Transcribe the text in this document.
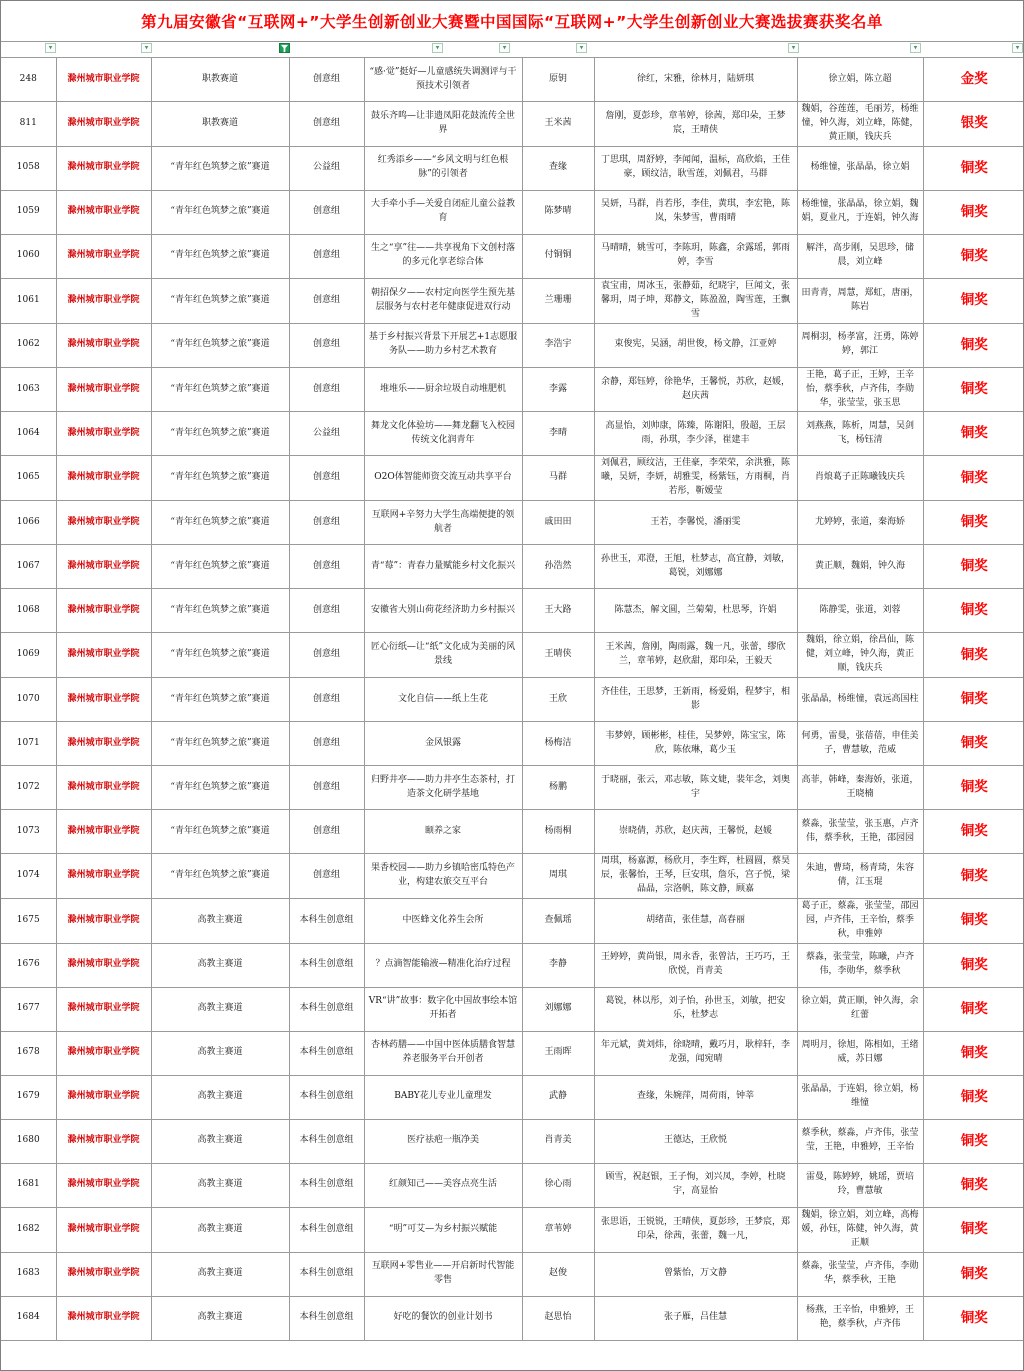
第九届安徽省“互联网+”大学生创新创业大赛暨中国国际“互联网+”大学生创新创业大赛选拔赛获奖名单
▾	▾	▾	▾	▾	▾	▾	▾
248	滁州城市职业学院	职教赛道	创意组	“感·觉”挺好—儿童感统失调测评与干预技术引领者	原钥	徐红，宋雅，徐林月，陆妍琪	徐立娟，陈立超	金奖
811	滁州城市职业学院	职教赛道	创意组	鼓乐齐鸣—让非遗凤阳花鼓流传全世界	王米茜	詹刚，夏彭珍，章苇婷，徐茜，郑印朵，王梦宸，王晴侠	魏娟，谷莲莲，毛丽芳，杨维憧，钟久海，刘立峰，陈健，黄正顺，钱庆兵	银奖
1058	滁州城市职业学院	“青年红色筑梦之旅”赛道	公益组	红秀添乡——“乡风文明与红色根脉”的引领者	查缘	丁思琪，周舒婷，李闻闻，温标，高欣焰，王佳豪，顾纹洁，耿雪莲，刘佩君，马群	杨维憧，张晶晶，徐立娟	铜奖
1059	滁州城市职业学院	“青年红色筑梦之旅”赛道	创意组	大手牵小手—关爱自闭症儿童公益教育	陈梦晴	吴妍，马群，肖若彤，李佳，黄琪，李宏艳，陈岚，朱梦雪，曹雨晴	杨维憧，张晶晶，徐立娟，魏娟，夏业凡，于连娟，钟久海	铜奖
1060	滁州城市职业学院	“青年红色筑梦之旅”赛道	创意组	生之“享”往——共享视角下文创村落的多元化享老综合体	付铜铜	马晴晴，姚雪可，李陈玥，陈鑫，余露瑶，郭雨婷，李雪	解泮，高步刚，吴思珍，储晨，刘立峰	铜奖
1061	滁州城市职业学院	“青年红色筑梦之旅”赛道	创意组	朝招保夕——农村定向医学生预先基层服务与农村老年健康促进双行动	兰珊珊	袁宝甫，周冰玉，张静茹，纪晓宇，巨闻文，张馨玥，周子坤，郑静文，陈盈盈，陶雪莲，王飘雪	田青青，周慧，郑虹，唐丽，陈岩	铜奖
1062	滁州城市职业学院	“青年红色筑梦之旅”赛道	创意组	基于乡村振兴背景下开展艺+1志愿服务队——助力乡村艺术教育	李浩宇	束俊宪，吴涵，胡世俊，杨文静，江亚婷	周桐羽，杨孝富，汪勇，陈婷婷，郭江	铜奖
1063	滁州城市职业学院	“青年红色筑梦之旅”赛道	创意组	堆堆乐——厨余垃圾自动堆肥机	李露	余静，郑钰婷，徐艳华，王馨悦，苏欣，赵媛，赵庆茜	王艳，葛子正，王婷，王辛怡，蔡季秋，卢齐伟，李勋华，张莹莹，张玉思	铜奖
1064	滁州城市职业学院	“青年红色筑梦之旅”赛道	公益组	舞龙文化体验坊——舞龙翻飞入校园传统文化润青年	李晴	高显怡，刘帅康，陈臻，陈谢阳，殷超，王层雨，孙琪，李少泽，崔建丰	刘燕燕，陈析，周慧，吴剑飞，杨钰清	铜奖
1065	滁州城市职业学院	“青年红色筑梦之旅”赛道	创意组	O2O体智能师资交流互动共享平台	马群	刘佩君，顾纹洁，王佳豪，李荣荣，余洪雅，陈曦，吴妍，李妍，胡雅雯，杨紫钰，方雨桐，肖若彤，靳嫒莹	肖烺葛子正陈曦钱庆兵	铜奖
1066	滁州城市职业学院	“青年红色筑梦之旅”赛道	创意组	互联网+辛努力大学生高端便捷的领航者	戚田田	王若，李馨悦，潘丽雯	尤婷婷，张道，秦海娇	铜奖
1067	滁州城市职业学院	“青年红色筑梦之旅”赛道	创意组	青“莓”：青春力量赋能乡村文化振兴	孙浩然	孙世玉，邓澄，王旭，杜梦志，高宜静，刘敏，葛锐，刘娜娜	黄正顺，魏娟，钟久海	铜奖
1068	滁州城市职业学院	“青年红色筑梦之旅”赛道	创意组	安徽省大别山荷花经济助力乡村振兴	王大路	陈慧杰，解文圆，兰菊菊，杜思琴，许娟	陈静雯，张道，刘蓉	铜奖
1069	滁州城市职业学院	“青年红色筑梦之旅”赛道	创意组	匠心衍纸—让“纸”文化成为美丽的风景线	王晴侠	王米茜，詹刚，陶雨露，魏一凡，张蕾，缪欣兰，章苇婷，赵欣甜，郑印朵，王毅天	魏娟，徐立娟，徐昌仙，陈健，刘立峰，钟久海，黄正顺，钱庆兵	铜奖
1070	滁州城市职业学院	“青年红色筑梦之旅”赛道	创意组	文化自信——纸上生花	王欣	齐佳佳，王思梦，王新雨，杨爱娟，程梦宇，相影	张晶晶，杨维憧，袁远高国柱	铜奖
1071	滁州城市职业学院	“青年红色筑梦之旅”赛道	创意组	金风银露	杨梅洁	韦梦婷，顾彬彬，桂佳，吴梦婷，陈宝宝，陈欣，陈依琳，葛少玉	何勇，雷曼，张蓓蓓，申佳美子，曹慧敏，范威	铜奖
1072	滁州城市职业学院	“青年红色筑梦之旅”赛道	创意组	归野井亭——助力井亭生态茶村，打造茶文化研学基地	杨鹏	于晓丽，张云，邓志敏，陈文婕，裴年念，刘奥宇	高菲，韩峰，秦海娇，张道，王晓楠	铜奖
1073	滁州城市职业学院	“青年红色筑梦之旅”赛道	创意组	颐养之家	杨雨桐	崇晓倩，苏欣，赵庆茜，王馨悦，赵媛	蔡淼，张莹莹，张玉惠，卢齐伟，蔡季秋，王艳，邵园园	铜奖
1074	滁州城市职业学院	“青年红色筑梦之旅”赛道	创意组	果香校园——助力乡镇哈密瓜特色产业，构建农旅交互平台	周琪	周琪，杨嘉源，杨欣月，李生辉，杜圆圆，蔡昊辰，张馨怡，王琴，巨安琪，詹乐，宫子悦，梁晶晶，宗洛帆，陈文静，顾嘉	朱迪，曹琦，杨青琦，朱容倩，江玉琨	铜奖
1675	滁州城市职业学院	高教主赛道	本科生创意组	中医蜂文化养生会所	查佩瑶	胡绪苗，张佳慧，高春丽	葛子正，蔡淼，张莹莹，邵园园，卢齐伟，王辛怡，蔡季秋，申雅婷	铜奖
1676	滁州城市职业学院	高教主赛道	本科生创意组	？点滴智能输液—精准化治疗过程	李静	王婷婷，黄尚银，周永香，张曾沽，王巧巧，王欣悦，肖青美	蔡淼，张莹莹，陈曦，卢齐伟，李勋华，蔡季秋	铜奖
1677	滁州城市职业学院	高教主赛道	本科生创意组	VR“讲”故事：数字化中国故事绘本馆开拓者	刘娜娜	葛锐，林以彤，刘子怡，孙世玉，刘敏，把安乐，杜梦志	徐立娟，黄正顺，钟久海，余红蕾	铜奖
1678	滁州城市职业学院	高教主赛道	本科生创意组	杏林药膳——中国中医体质膳食智慧养老服务平台开创者	王雨晖	年元斌，黄刘炜，徐晓晴，戴巧月，耿梓轩，李龙强，闻宛晴	周明月，徐旭，陈相如，王绪威，苏日娜	铜奖
1679	滁州城市职业学院	高教主赛道	本科生创意组	BABY花儿专业儿童理发	武静	查缘，朱婉萍，周荷雨，钟莘	张晶晶，于连娟，徐立娟，杨维憧	铜奖
1680	滁州城市职业学院	高教主赛道	本科生创意组	医疗祛疤一瓶净美	肖青美	王德达，王欣悦	蔡季秋，蔡淼，卢齐伟，张莹莹，王艳，申雅婷，王辛怡	铜奖
1681	滁州城市职业学院	高教主赛道	本科生创意组	红颜知己——美容点亮生活	徐心雨	顾雪，祝赵银，王子恂，刘兴凤，李婷，杜晓宇，高显怡	雷曼，陈婷婷，姚瑶，贾培玲，曹慧敏	铜奖
1682	滁州城市职业学院	高教主赛道	本科生创意组	“明”可艾—为乡村振兴赋能	章苇婷	张思语，王锐锐，王晴侠，夏彭珍，王梦宸，郑印朵，徐茜，张蕾，魏一凡，	魏娟，徐立娟，刘立峰，高梅媛，孙钰，陈健，钟久海，黄正顺	铜奖
1683	滁州城市职业学院	高教主赛道	本科生创意组	互联网+零售业——开启新时代智能零售	赵俊	曾紫怡，万文静	蔡淼，张莹莹，卢齐伟，李勋华，蔡季秋，王艳	铜奖
1684	滁州城市职业学院	高教主赛道	本科生创意组	好吃的餐饮的创业计划书	赵思怡	张子雁，吕佳慧	杨燕，王辛怡，申雅婷，王艳，蔡季秋，卢齐伟	铜奖
